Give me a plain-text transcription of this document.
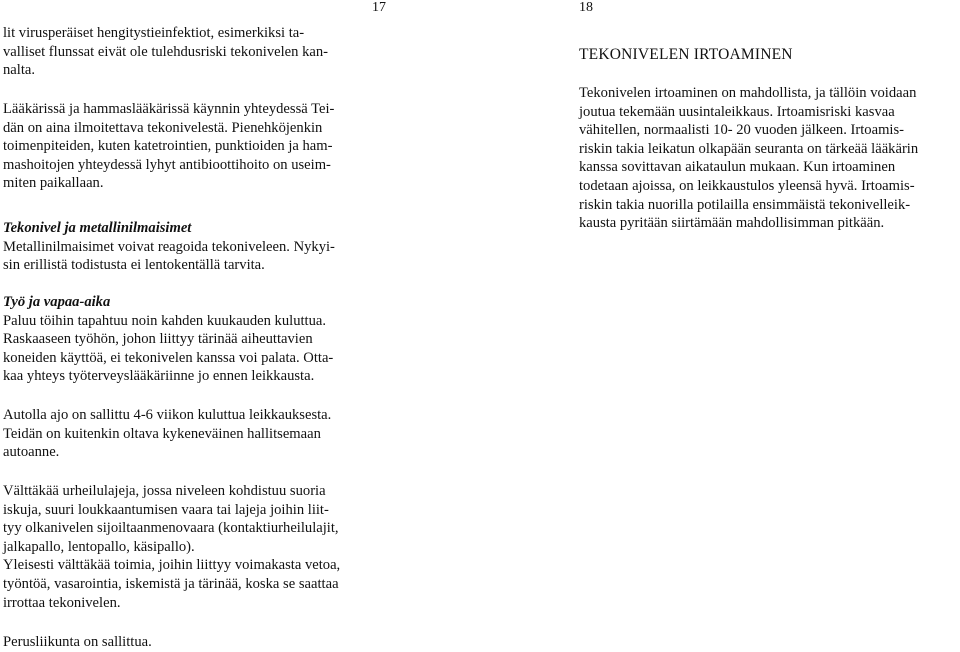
17	18

lit virusperäiset hengitystieinfektiot, esimerkiksi ta-
valliset flunssat eivät ole tulehdusriski tekonivelen kan-
nalta.

Lääkärissä ja hammaslääkärissä käynnin yhteydessä Tei-
dän on aina ilmoitettava tekonivelestä. Pienehköjenkin
toimenpiteiden, kuten katetrointien, punktioiden ja ham-
mashoitojen yhteydessä lyhyt antibioottihoito on useim-
miten paikallaan.

Tekonivel ja metallinilmaisimet

Metallinilmaisimet voivat reagoida tekoniveleen. Nykyi-
sin erillistä todistusta ei lentokentällä tarvita.

Työ ja vapaa-aika

Paluu töihin tapahtuu noin kahden kuukauden kuluttua.
Raskaaseen työhön, johon liittyy tärinää aiheuttavien
koneiden käyttöä, ei tekonivelen kanssa voi palata. Otta-
kaa yhteys työterveyslääkäriinne jo ennen leikkausta.

Autolla ajo on sallittu 4-6 viikon kuluttua leikkauksesta.
Teidän on kuitenkin oltava kykeneväinen hallitsemaan
autoanne.

Välttäkää urheilulajeja, jossa niveleen kohdistuu suoria
iskuja, suuri loukkaantumisen vaara tai lajeja joihin liit-
tyy olkanivelen sijoiltaanmenovaara (kontaktiurheilulajit,
jalkapallo, lentopallo, käsipallo).
Yleisesti välttäkää toimia, joihin liittyy voimakasta vetoa,
työntöä, vasarointia, iskemistä ja tärinää, koska se saattaa
irrottaa tekonivelen.

Perusliikunta on sallittua.

TEKONIVELEN IRTOAMINEN

Tekonivelen irtoaminen on mahdollista, ja tällöin voidaan
joutua tekemään uusintaleikkaus. Irtoamisriski kasvaa
vähitellen, normaalisti 10- 20 vuoden jälkeen. Irtoamis-
riskin takia leikatun olkapään seuranta on tärkeää lääkärin
kanssa sovittavan aikataulun mukaan. Kun irtoaminen
todetaan ajoissa, on leikkaustulos yleensä hyvä. Irtoamis-
riskin takia nuorilla potilailla ensimmäistä tekonivelleik-
kausta pyritään siirtämään mahdollisimman pitkään.
